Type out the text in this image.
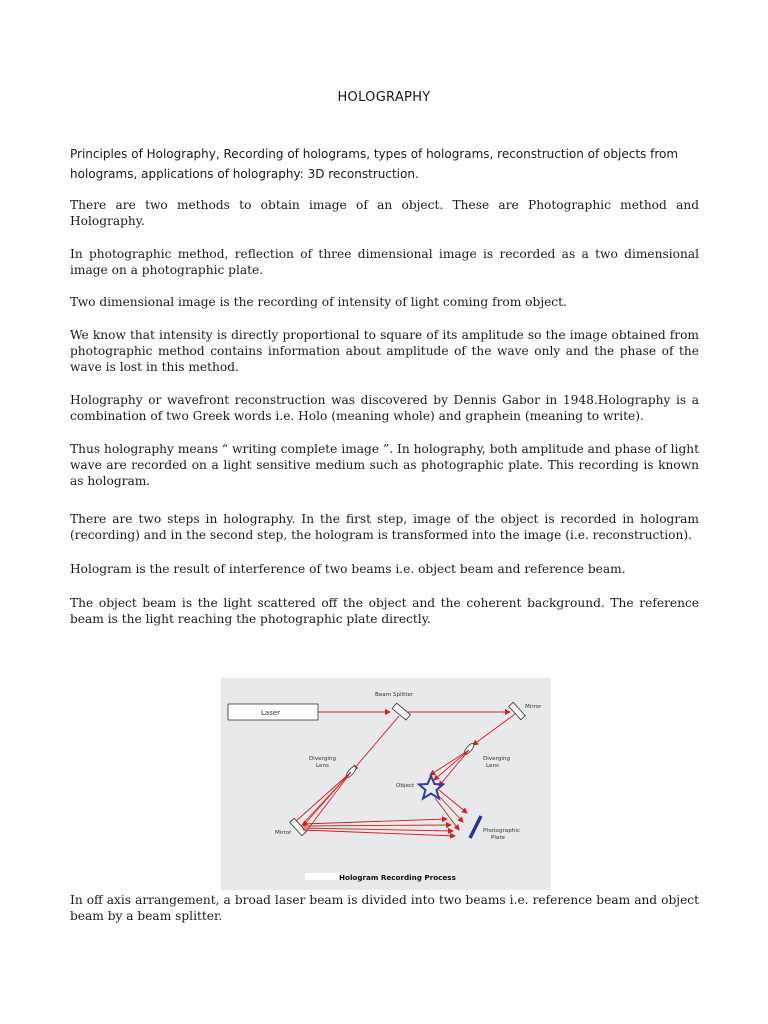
HOLOGRAPHY
Principles of Holography, Recording of holograms, types of holograms, reconstruction of objects from holograms, applications of holography: 3D reconstruction.

There are two methods to obtain image of an object. These are Photographic method and Holography.

In photographic method, reflection of three dimensional image is recorded as a two dimensional image on a photographic plate.

Two dimensional image is the recording of intensity of light coming from object.

We know that intensity is directly proportional to square of its amplitude so the image obtained from photographic method contains information about amplitude of the wave only and the phase of the wave is lost in this method.

Holography or wavefront reconstruction was discovered by Dennis Gabor in 1948.Holography is a combination of two Greek words i.e. Holo (meaning whole) and graphein (meaning to write).

Thus holography means “ writing complete image ”. In holography, both amplitude and phase of light wave are recorded on a light sensitive medium such as photographic plate. This recording is known as hologram.

There are two steps in holography. In the first step, image of the object is recorded in hologram (recording) and in the second step, the hologram is transformed into the image (i.e. reconstruction).

Hologram is the result of interference of two beams i.e. object beam and reference beam.

The object beam is the light scattered off the object and the coherent background. The reference beam is the light reaching the photographic plate directly.

Laser
Beam Splitter
Mirror
Diverging
Lens
Mirror
Diverging
Lens
Object
Photographic
Plate
Hologram Recording Process

In off axis arrangement, a broad laser beam is divided into two beams i.e. reference beam and object beam by a beam splitter.
